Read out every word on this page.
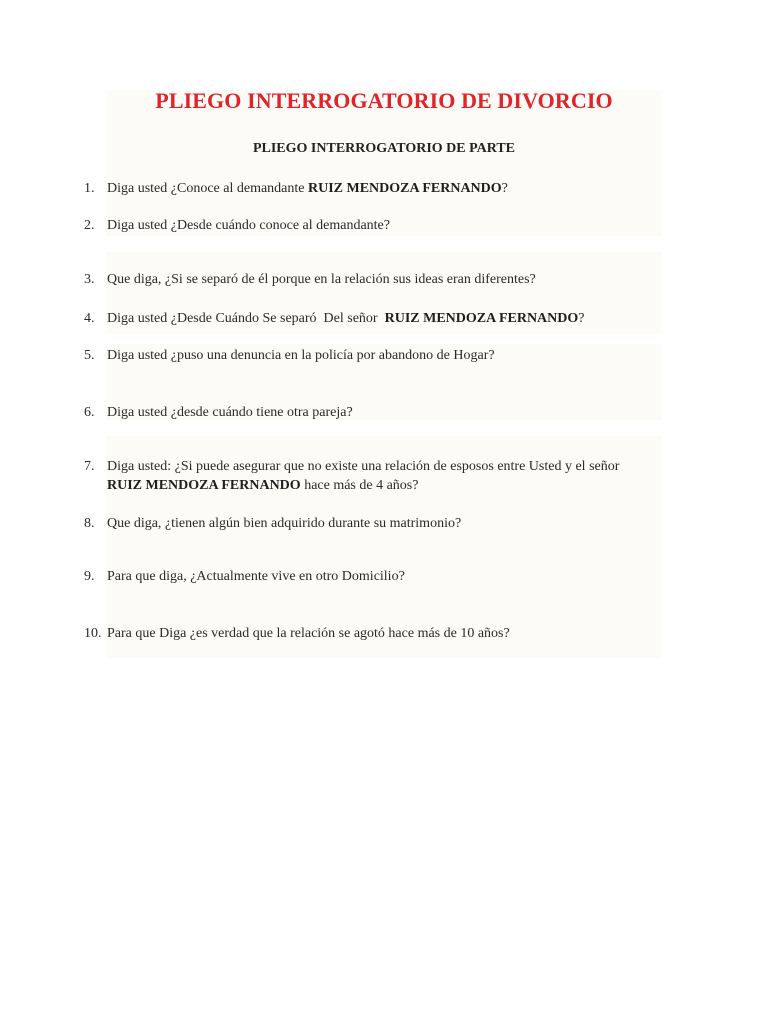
PLIEGO INTERROGATORIO DE DIVORCIO
PLIEGO INTERROGATORIO DE PARTE
1. Diga usted ¿Conoce al demandante RUIZ MENDOZA FERNANDO?
2. Diga usted ¿Desde cuándo conoce al demandante?
3. Que diga, ¿Si se separó de él porque en la relación sus ideas eran diferentes?
4. Diga usted ¿Desde Cuándo Se separó  Del señor  RUIZ MENDOZA FERNANDO?
5. Diga usted ¿puso una denuncia en la policía por abandono de Hogar?
6. Diga usted ¿desde cuándo tiene otra pareja?
7. Diga usted: ¿Si puede asegurar que no existe una relación de esposos entre Usted y el señor
RUIZ MENDOZA FERNANDO hace más de 4 años?
8. Que diga, ¿tienen algún bien adquirido durante su matrimonio?
9. Para que diga, ¿Actualmente vive en otro Domicilio?
10. Para que Diga ¿es verdad que la relación se agotó hace más de 10 años?
